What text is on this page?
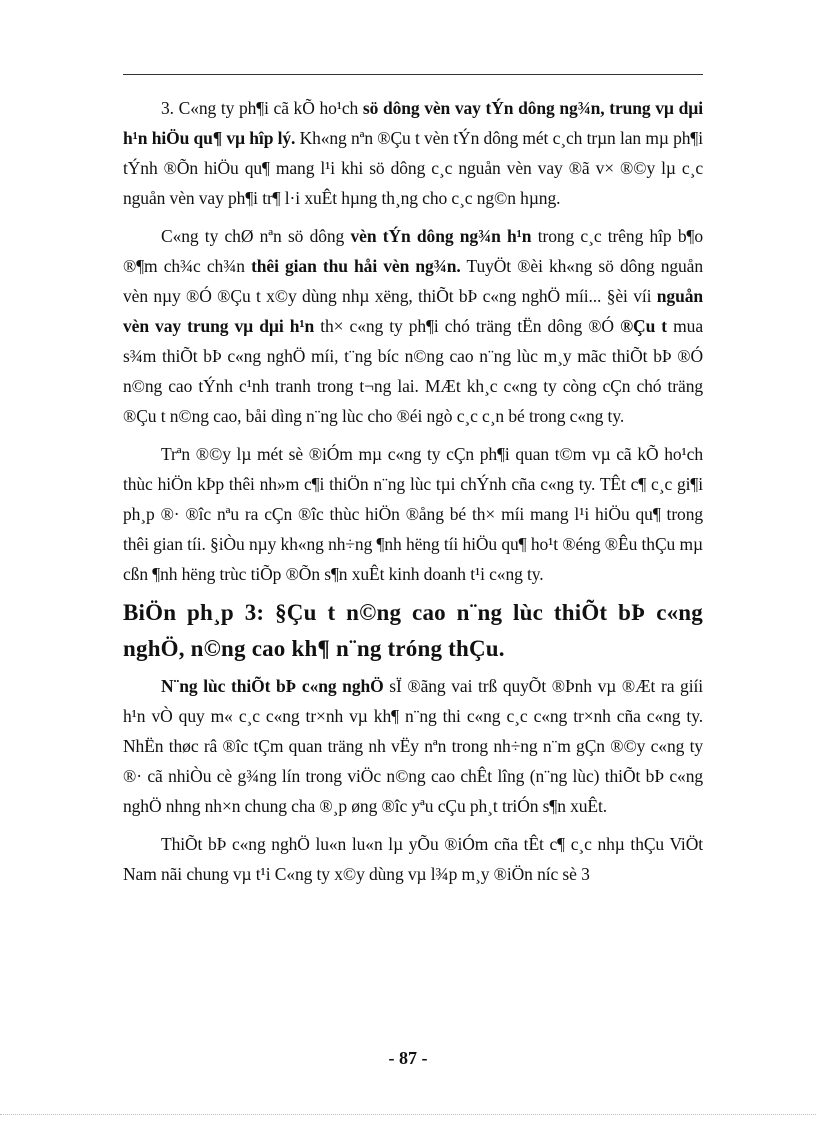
3. C«ng ty ph¶i cã kÕ ho¹ch sö dông vèn vay tÝn dông ng¾n, trung vµ dµi h¹n hiÖu qu¶ vµ hîp lý. Kh«ng nªn ®Çu t vèn tÝn dông mét c¸ch trµn lan mµ ph¶i tÝnh ®Õn hiÖu qu¶ mang l¹i khi sö dông c¸c nguån vèn vay ®ã v× ®©y lµ c¸c nguån vèn vay ph¶i tr¶ l·i xuÊt hµng th¸ng cho c¸c ng©n hµng.

C«ng ty chØ nªn sö dông vèn tÝn dông ng¾n h¹n trong c¸c trêng hîp b¶o ®¶m ch¾c ch¾n thêi gian thu håi vèn ng¾n. TuyÖt ®èi kh«ng sö dông nguån vèn nµy ®Ó ®Çu t x©y dùng nhµ xëng, thiÕt bÞ c«ng nghÖ míi... §èi víi nguån vèn vay trung vµ dµi h¹n th× c«ng ty ph¶i chó träng tËn dông ®Ó ®Çu t mua s¾m thiÕt bÞ c«ng nghÖ míi, t¨ng bíc n©ng cao n¨ng lùc m¸y mãc thiÕt bÞ ®Ó n©ng cao tÝnh c¹nh tranh trong t¬ng lai. MÆt kh¸c c«ng ty còng cÇn chó träng ®Çu t n©ng cao, båi dìng n¨ng lùc cho ®éi ngò c¸c c¸n bé trong c«ng ty.

Trªn ®©y lµ mét sè ®iÓm mµ c«ng ty cÇn ph¶i quan t©m vµ cã kÕ ho¹ch thùc hiÖn kÞp thêi nh»m c¶i thiÖn n¨ng lùc tµi chÝnh cña c«ng ty. TÊt c¶ c¸c gi¶i ph¸p ®· ®îc nªu ra cÇn ®îc thùc hiÖn ®ång bé th× míi mang l¹i hiÖu qu¶ trong thêi gian tíi. §iÒu nµy kh«ng nh÷ng ¶nh hëng tíi hiÖu qu¶ ho¹t ®éng ®Êu thÇu mµ cßn ¶nh hëng trùc tiÕp ®Õn s¶n xuÊt kinh doanh t¹i c«ng ty.

BiÖn ph¸p 3: §Çu t n©ng cao n¨ng lùc thiÕt bÞ c«ng nghÖ, n©ng cao kh¶ n¨ng tróng thÇu.

N¨ng lùc thiÕt bÞ c«ng nghÖ sÏ ®ãng vai trß quyÕt ®Þnh vµ ®Æt ra giíi h¹n vÒ quy m« c¸c c«ng tr×nh vµ kh¶ n¨ng thi c«ng c¸c c«ng tr×nh cña c«ng ty. NhËn thøc râ ®îc tÇm quan träng nh vËy nªn trong nh÷ng n¨m gÇn ®©y c«ng ty ®· cã nhiÒu cè g¾ng lín trong viÖc n©ng cao chÊt lîng (n¨ng lùc) thiÕt bÞ c«ng nghÖ nhng nh×n chung cha ®¸p øng ®îc yªu cÇu ph¸t triÓn s¶n xuÊt.

ThiÕt bÞ c«ng nghÖ lu«n lu«n lµ yÕu ®iÓm cña tÊt c¶ c¸c nhµ thÇu ViÖt Nam nãi chung vµ t¹i C«ng ty x©y dùng vµ l¾p m¸y ®iÖn níc sè 3

- 87 -
